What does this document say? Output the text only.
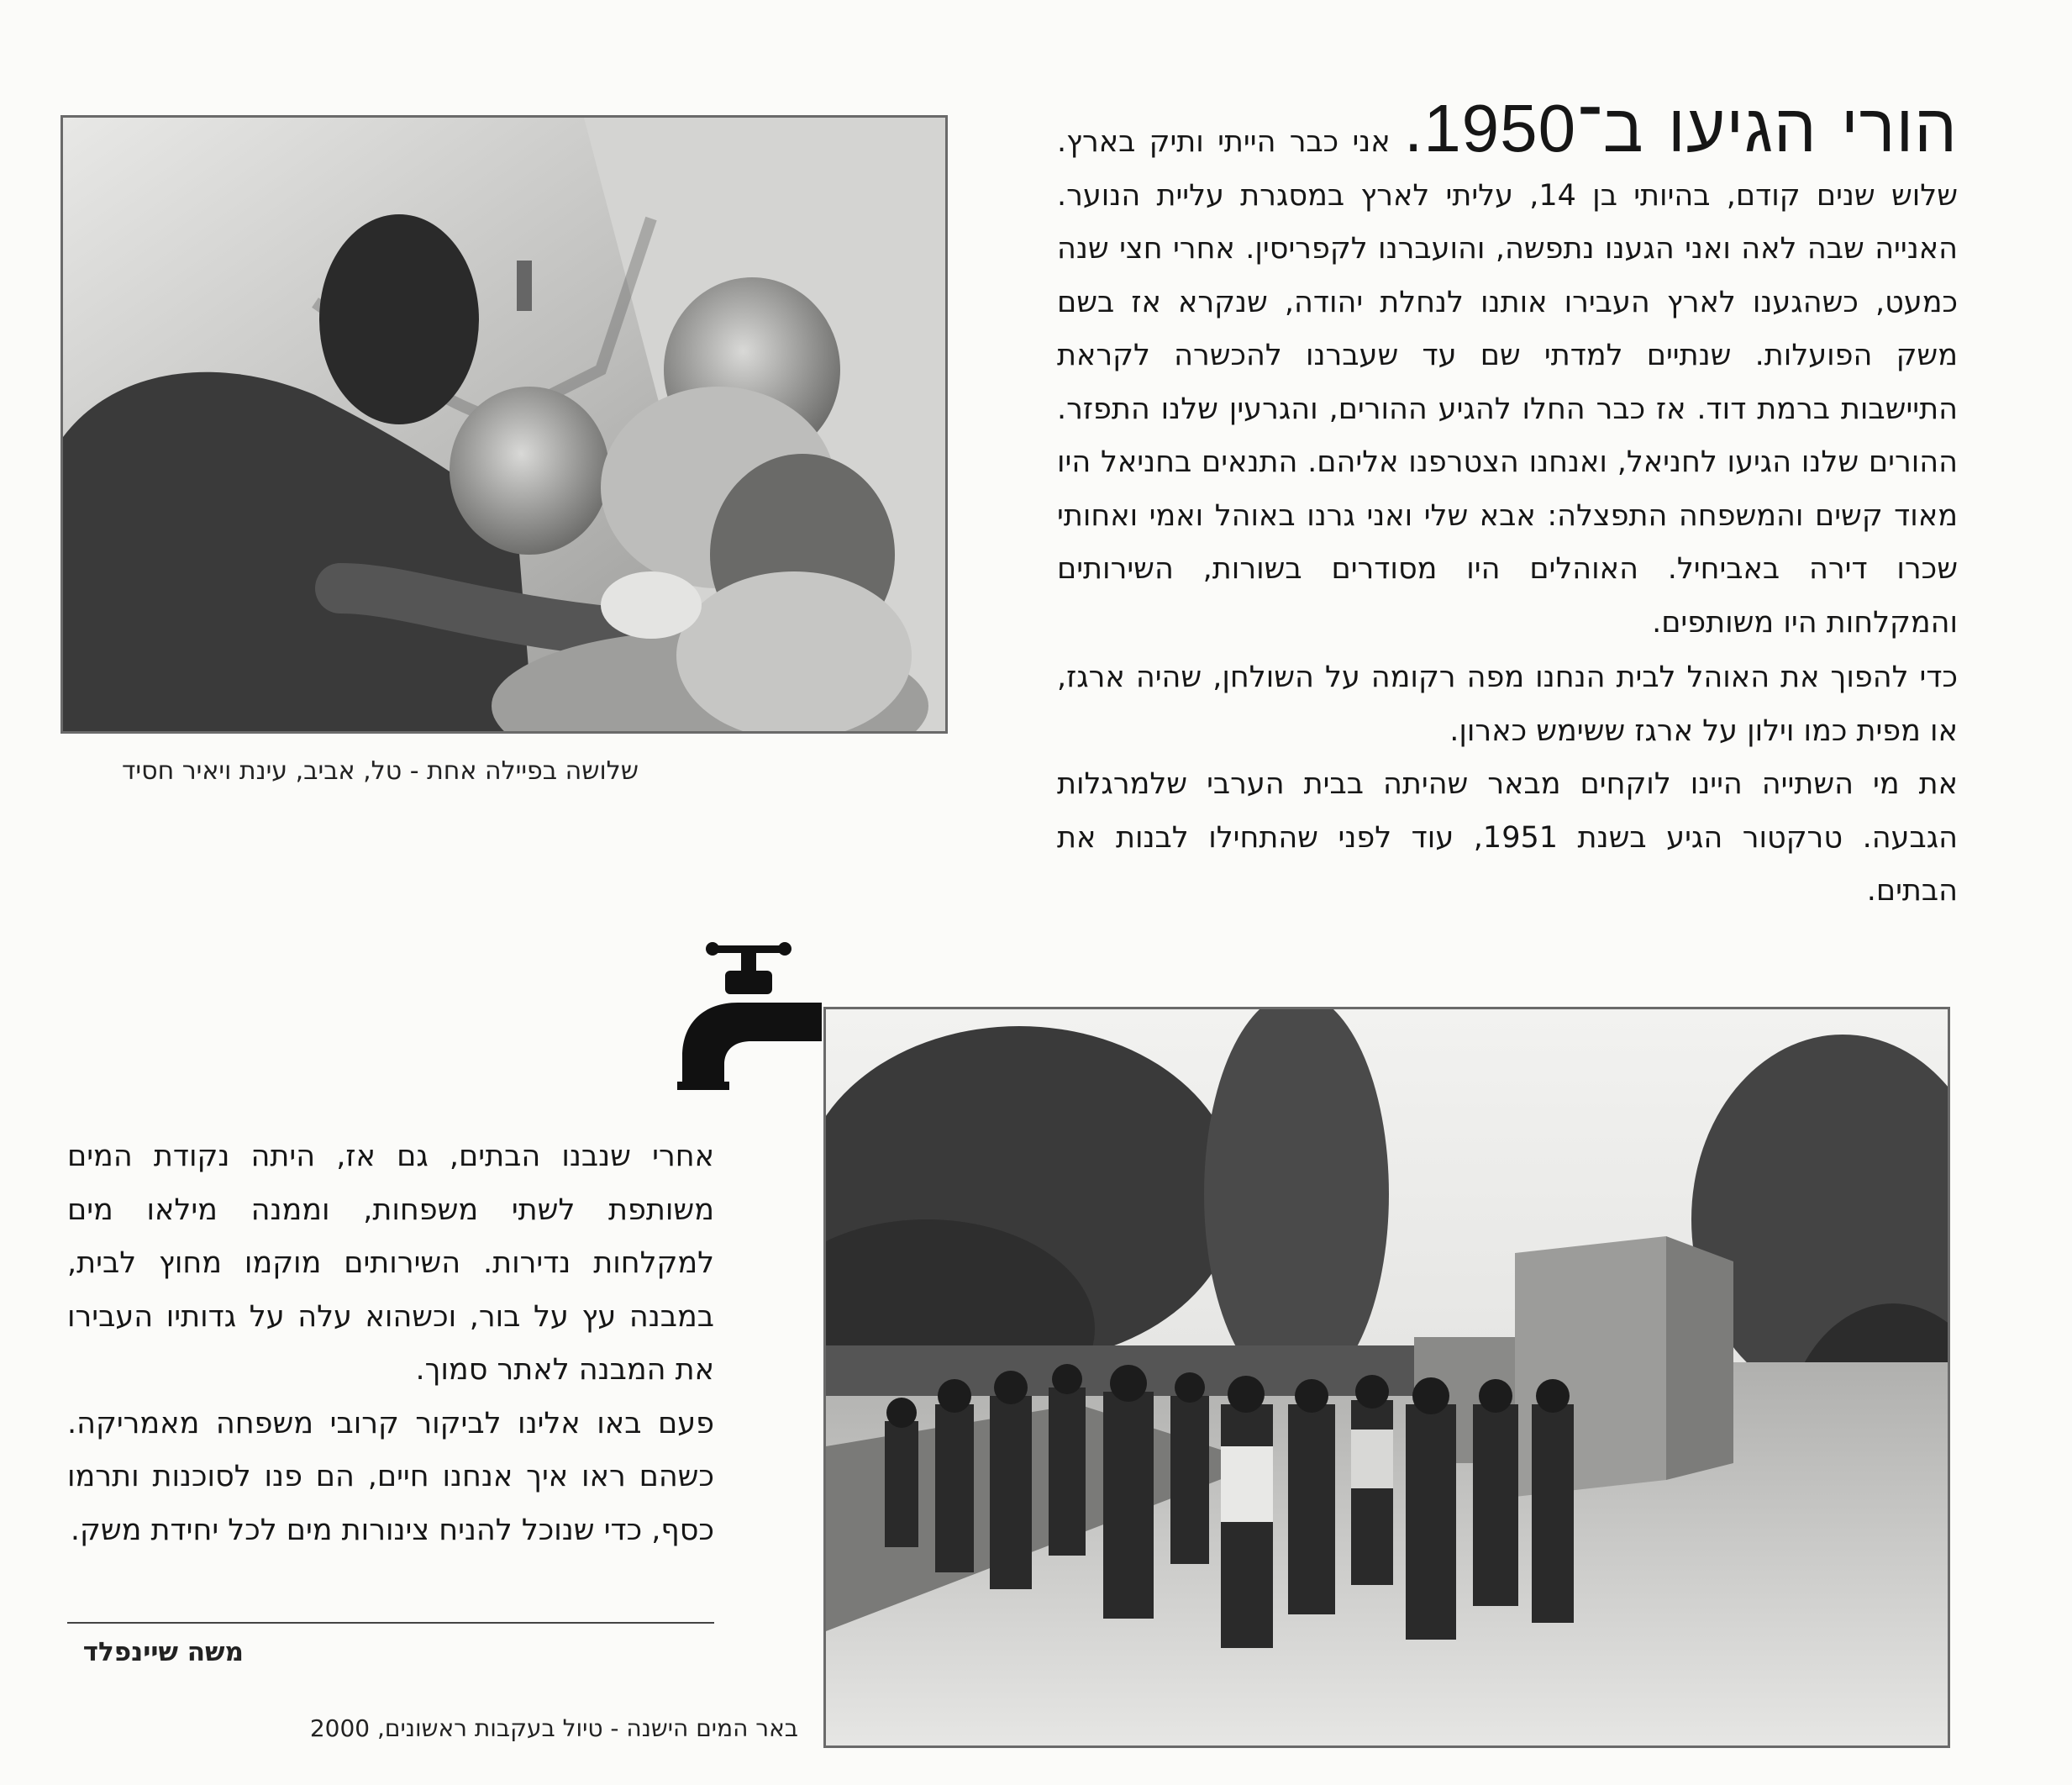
הורי הגיעו ב־1950. אני כבר הייתי ותיק בארץ. שלוש שנים קודם, בהיותי בן 14, עליתי לארץ במסגרת עליית הנוער. האנייה שבה לאה ואני הגענו נתפשה, והועברנו לקפריסין. אחרי חצי שנה כמעט, כשהגענו לארץ העבירו אותנו לנחלת יהודה, שנקרא אז בשם משק הפועלות. שנתיים למדתי שם עד שעברנו להכשרה לקראת התיישבות ברמת דוד. אז כבר החלו להגיע ההורים, והגרעין שלנו התפזר. ההורים שלנו הגיעו לחניאל, ואנחנו הצטרפנו אליהם. התנאים בחניאל היו מאוד קשים והמשפחה התפצלה: אבא שלי ואני גרנו באוהל ואמי ואחותי שכרו דירה באביחיל. האוהלים היו מסודרים בשורות, השירותים והמקלחות היו משותפים.

כדי להפוך את האוהל לבית הנחנו מפה רקומה על השולחן, שהיה ארגז, או מפית כמו וילון על ארגז ששימש כארון.

את מי השתייה היינו לוקחים מבאר שהיתה בבית הערבי שלמרגלות הגבעה. טרקטור הגיע בשנת 1951, עוד לפני שהתחילו לבנות את הבתים.

שלושה בפיילה אחת - טל, אביב, עינת ויאיר חסיד

אחרי שנבנו הבתים, גם אז, היתה נקודת המים משותפת לשתי משפחות, וממנה מילאו מים למקלחות נדירות. השירותים מוקמו מחוץ לבית, במבנה עץ על בור, וכשהוא עלה על גדותיו העבירו את המבנה לאתר סמוך.

פעם באו אלינו לביקור קרובי משפחה מאמריקה. כשהם ראו איך אנחנו חיים, הם פנו לסוכנות ותרמו כסף, כדי שנוכל להניח צינורות מים לכל יחידת משק.

משה שיינפלד
באר המים הישנה - טיול בעקבות ראשונים, 2000
